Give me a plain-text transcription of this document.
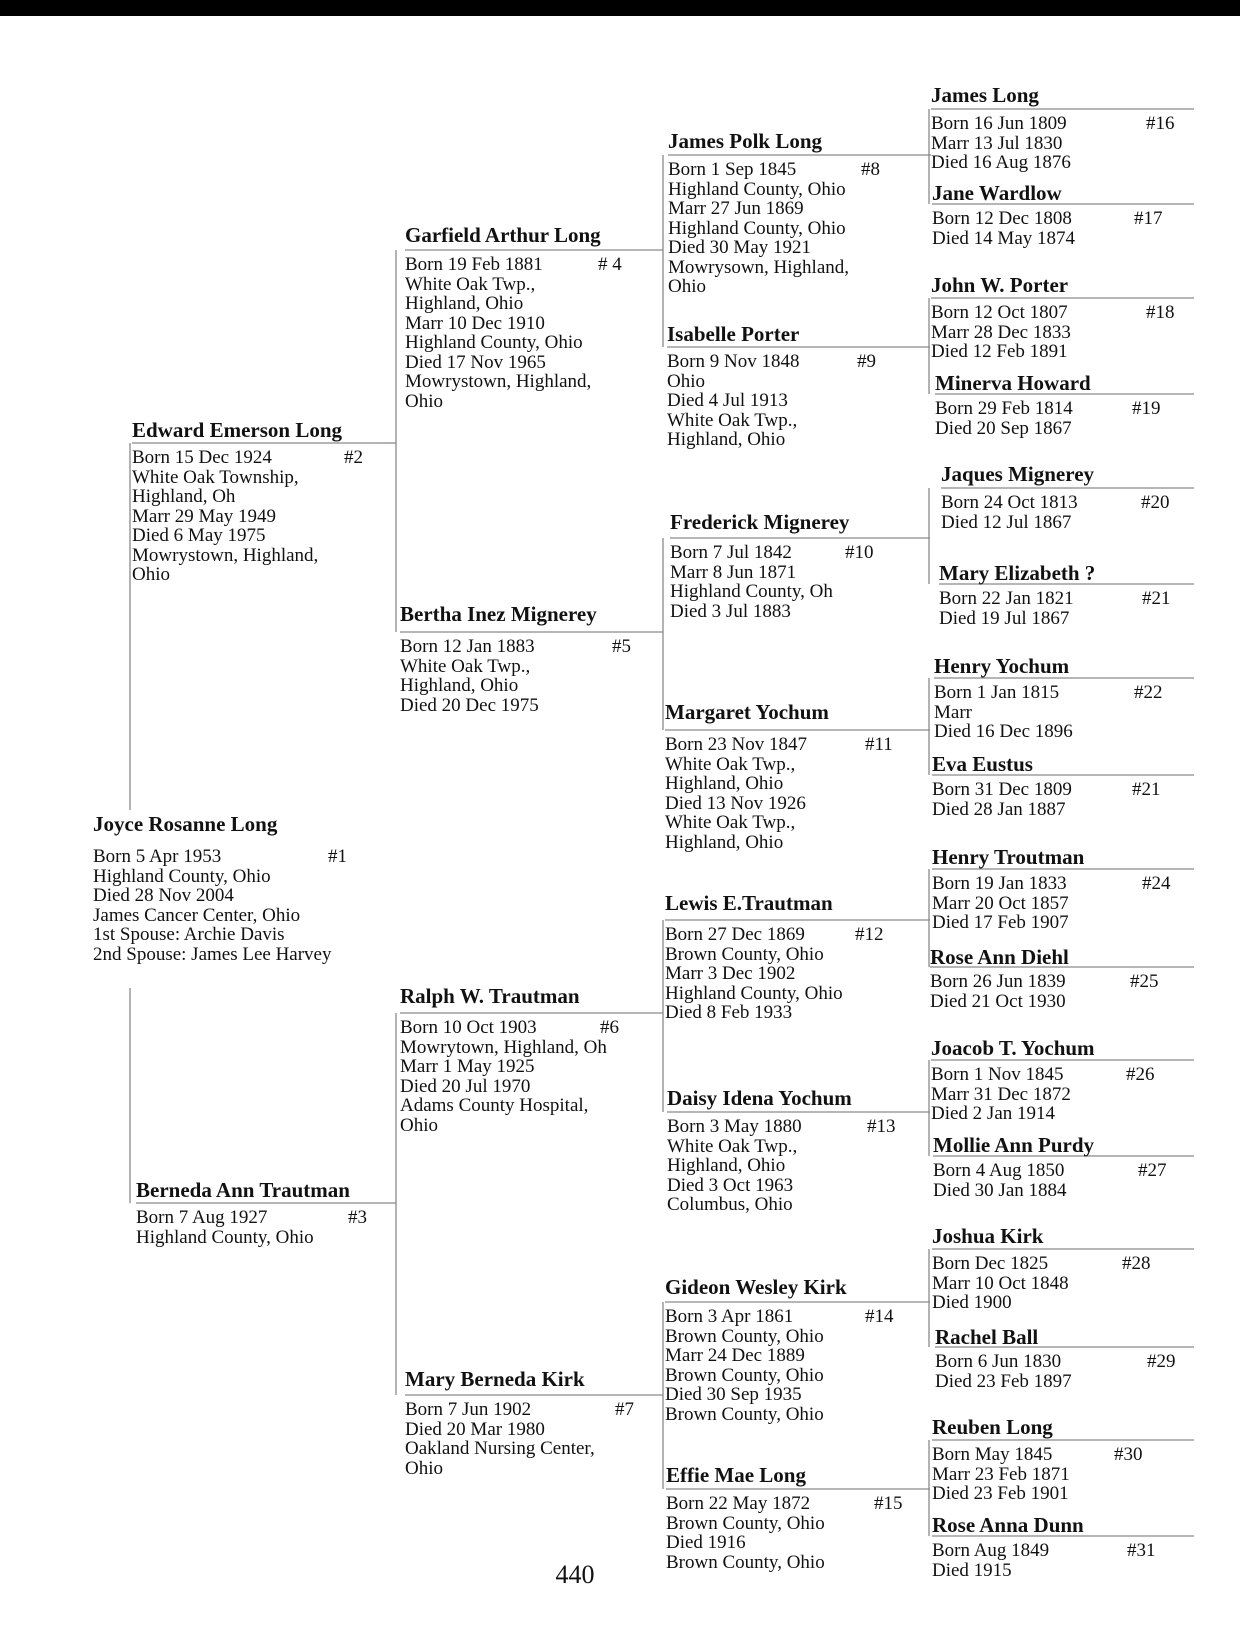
Joyce Rosanne Long
#1
Born 5 Apr 1953
Highland County, Ohio
Died 28 Nov 2004
James Cancer Center, Ohio
1st Spouse: Archie Davis
2nd Spouse: James Lee Harvey
Edward Emerson Long
#2
Born 15 Dec 1924
White Oak Township,
Highland, Oh
Marr 29 May 1949
Died 6 May 1975
Mowrystown, Highland,
Ohio
Berneda Ann Trautman
#3
Born 7 Aug 1927
Highland County, Ohio
Garfield Arthur Long
# 4
Born 19 Feb 1881
White Oak Twp.,
Highland, Ohio
Marr 10 Dec 1910
Highland County, Ohio
Died 17 Nov 1965
Mowrystown, Highland,
Ohio
Bertha Inez Mignerey
#5
Born 12 Jan 1883
White Oak Twp.,
Highland, Ohio
Died 20 Dec 1975
Ralph W. Trautman
#6
Born 10 Oct 1903
Mowrytown, Highland, Oh
Marr 1 May 1925
Died 20 Jul 1970
Adams County Hospital,
Ohio
Mary Berneda Kirk
#7
Born 7 Jun 1902
Died 20 Mar 1980
Oakland Nursing Center,
Ohio
James Polk Long
#8
Born 1 Sep 1845
Highland County, Ohio
Marr 27 Jun 1869
Highland County, Ohio
Died 30 May 1921
Mowrysown, Highland,
Ohio
Isabelle Porter
#9
Born 9 Nov 1848
Ohio
Died 4 Jul 1913
White Oak Twp.,
Highland, Ohio
Frederick Mignerey
#10
Born 7 Jul 1842
Marr 8 Jun 1871
Highland County, Oh
Died 3 Jul 1883
Margaret Yochum
#11
Born 23 Nov 1847
White Oak Twp.,
Highland, Ohio
Died 13 Nov 1926
White Oak Twp.,
Highland, Ohio
Lewis E.Trautman
#12
Born 27 Dec 1869
Brown County, Ohio
Marr 3 Dec 1902
Highland County, Ohio
Died 8 Feb 1933
Daisy Idena Yochum
#13
Born 3 May 1880
White Oak Twp.,
Highland, Ohio
Died 3 Oct 1963
Columbus, Ohio
Gideon Wesley Kirk
#14
Born 3 Apr 1861
Brown County, Ohio
Marr 24 Dec 1889
Brown County, Ohio
Died 30 Sep 1935
Brown County, Ohio
Effie Mae Long
#15
Born 22 May 1872
Brown County, Ohio
Died 1916
Brown County, Ohio
James Long
#16
Born 16 Jun 1809
Marr 13 Jul 1830
Died 16 Aug 1876
Jane Wardlow
#17
Born 12 Dec 1808
Died 14 May 1874
John W. Porter
#18
Born 12 Oct 1807
Marr 28 Dec 1833
Died 12 Feb 1891
Minerva Howard
#19
Born 29 Feb 1814
Died 20 Sep 1867
Jaques Mignerey
#20
Born 24 Oct 1813
Died 12 Jul 1867
Mary Elizabeth ?
#21
Born 22 Jan 1821
Died 19 Jul 1867
Henry Yochum
#22
Born 1 Jan 1815
Marr
Died 16 Dec 1896
Eva Eustus
#21
Born 31 Dec 1809
Died 28 Jan 1887
Henry Troutman
#24
Born 19 Jan 1833
Marr 20 Oct 1857
Died 17 Feb 1907
Rose Ann Diehl
#25
Born 26 Jun 1839
Died 21 Oct 1930
Joacob T. Yochum
#26
Born 1 Nov 1845
Marr 31 Dec 1872
Died 2 Jan 1914
Mollie Ann Purdy
#27
Born 4 Aug 1850
Died 30 Jan 1884
Joshua Kirk
#28
Born Dec 1825
Marr 10 Oct 1848
Died 1900
Rachel Ball
#29
Born 6 Jun 1830
Died 23 Feb 1897
Reuben Long
#30
Born May 1845
Marr 23 Feb 1871
Died 23 Feb 1901
Rose Anna Dunn
#31
Born Aug 1849
Died 1915
440
